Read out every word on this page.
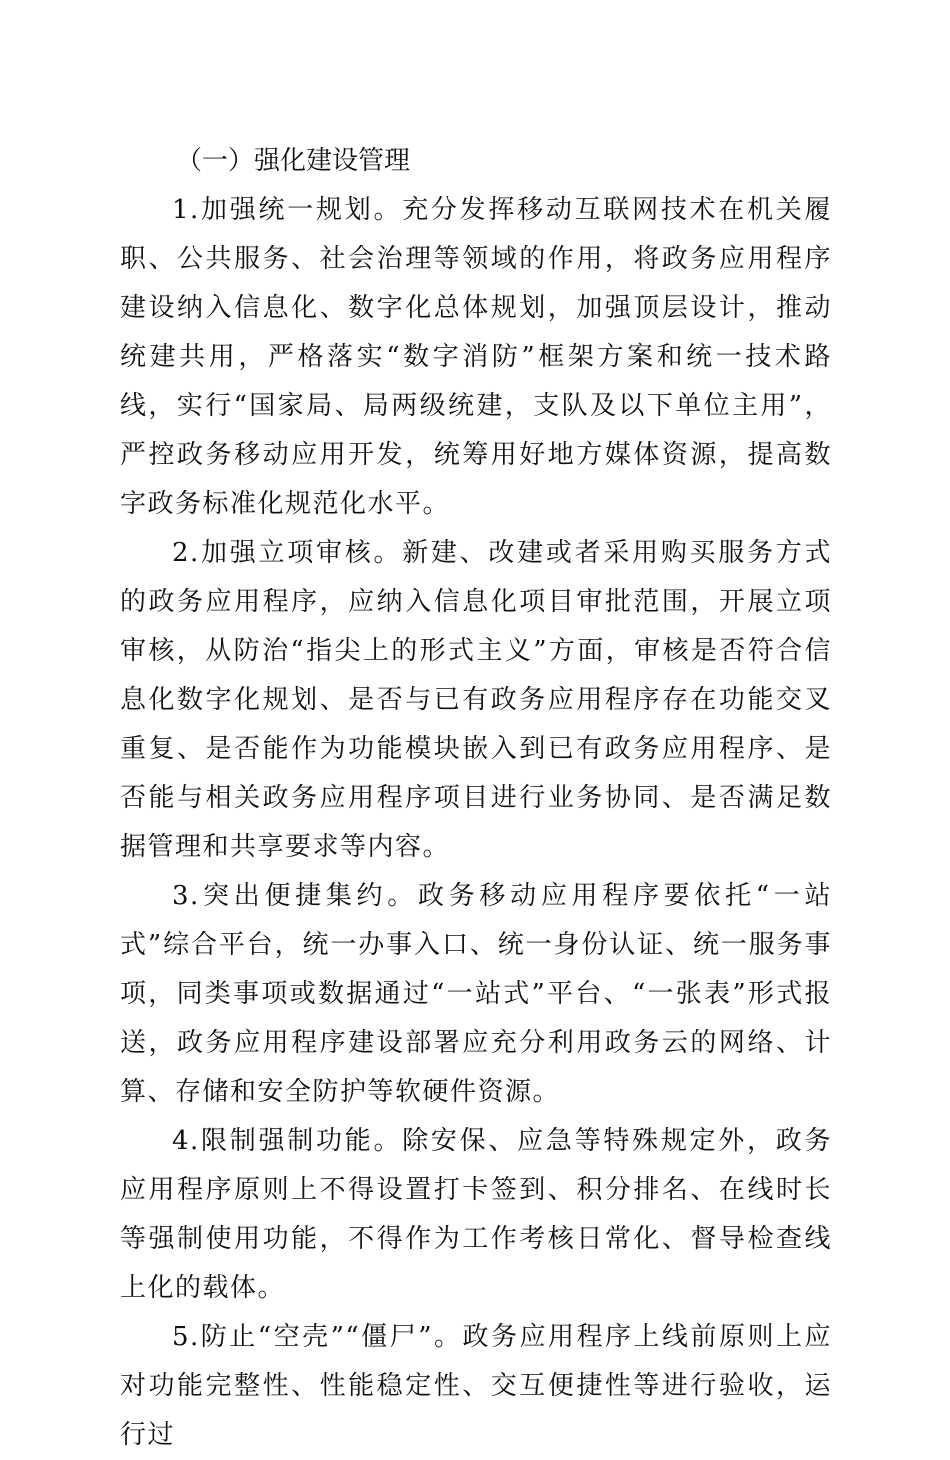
（一）强化建设管理

1.加强统一规划。充分发挥移动互联网技术在机关履职、公共服务、社会治理等领域的作用，将政务应用程序建设纳入信息化、数字化总体规划，加强顶层设计，推动统建共用，严格落实“数字消防”框架方案和统一技术路线，实行“国家局、局两级统建，支队及以下单位主用”，严控政务移动应用开发，统筹用好地方媒体资源，提高数字政务标准化规范化水平。

2.加强立项审核。新建、改建或者采用购买服务方式的政务应用程序，应纳入信息化项目审批范围，开展立项审核，从防治“指尖上的形式主义”方面，审核是否符合信息化数字化规划、是否与已有政务应用程序存在功能交叉重复、是否能作为功能模块嵌入到已有政务应用程序、是否能与相关政务应用程序项目进行业务协同、是否满足数据管理和共享要求等内容。

3.突出便捷集约。政务移动应用程序要依托“一站式”综合平台，统一办事入口、统一身份认证、统一服务事项，同类事项或数据通过“一站式”平台、“一张表”形式报送，政务应用程序建设部署应充分利用政务云的网络、计算、存储和安全防护等软硬件资源。

4.限制强制功能。除安保、应急等特殊规定外，政务应用程序原则上不得设置打卡签到、积分排名、在线时长等强制使用功能，不得作为工作考核日常化、督导检查线上化的载体。

5.防止“空壳”“僵尸”。政务应用程序上线前原则上应对功能完整性、性能稳定性、交互便捷性等进行验收，运行过
